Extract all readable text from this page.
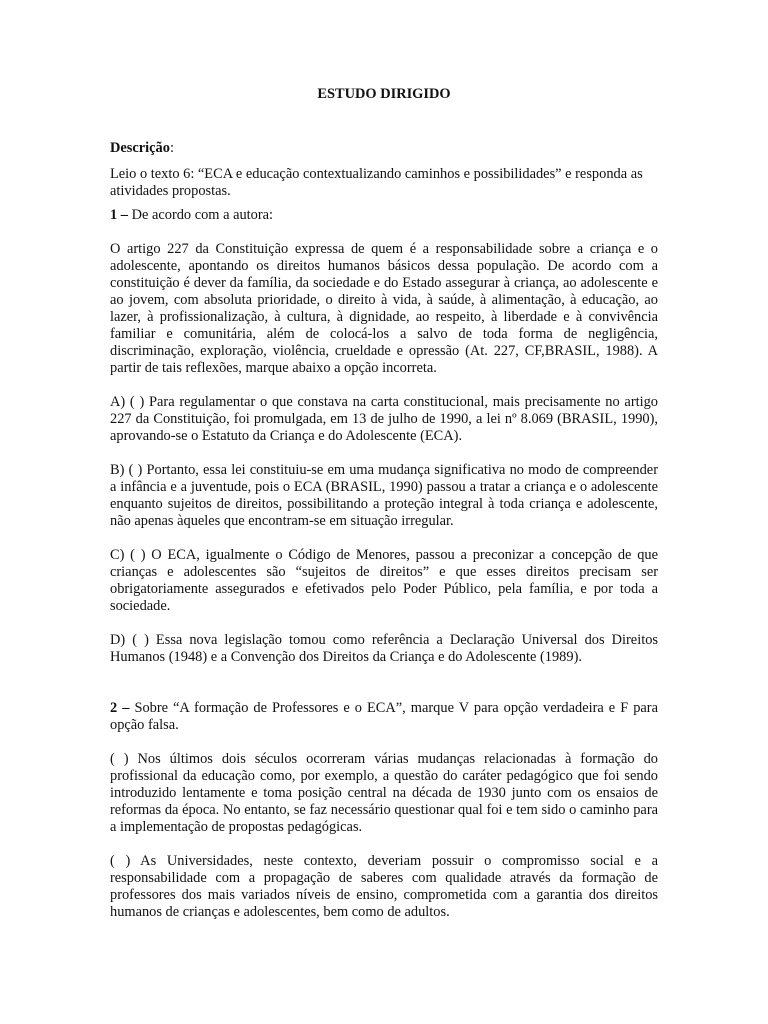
ESTUDO DIRIGIDO

Descrição:

Leio o texto 6: “ECA e educação contextualizando caminhos e possibilidades” e responda as atividades propostas.

1 – De acordo com a autora:

O artigo 227 da Constituição expressa de quem é a responsabilidade sobre a criança e o adolescente, apontando os direitos humanos básicos dessa população. De acordo com a constituição é dever da família, da sociedade e do Estado assegurar à criança, ao adolescente e ao jovem, com absoluta prioridade, o direito à vida, à saúde, à alimentação, à educação, ao lazer, à profissionalização, à cultura, à dignidade, ao respeito, à liberdade e à convivência familiar e comunitária, além de colocá-los a salvo de toda forma de negligência, discriminação, exploração, violência, crueldade e opressão (At. 227, CF,BRASIL, 1988). A partir de tais reflexões, marque abaixo a opção incorreta.

A) ( ) Para regulamentar o que constava na carta constitucional, mais precisamente no artigo 227 da Constituição, foi promulgada, em 13 de julho de 1990, a lei nº 8.069 (BRASIL, 1990), aprovando-se o Estatuto da Criança e do Adolescente (ECA).

B) ( ) Portanto, essa lei constituiu-se em uma mudança significativa no modo de compreender a infância e a juventude, pois o ECA (BRASIL, 1990) passou a tratar a criança e o adolescente enquanto sujeitos de direitos, possibilitando a proteção integral à toda criança e adolescente, não apenas àqueles que encontram-se em situação irregular.

C) ( ) O ECA, igualmente o Código de Menores, passou a preconizar a concepção de que crianças e adolescentes são “sujeitos de direitos” e que esses direitos precisam ser obrigatoriamente assegurados e efetivados pelo Poder Público, pela família, e por toda a sociedade.

D) ( ) Essa nova legislação tomou como referência a Declaração Universal dos Direitos Humanos (1948) e a Convenção dos Direitos da Criança e do Adolescente (1989).

2 – Sobre “A formação de Professores e o ECA”, marque V para opção verdadeira e F para opção falsa.

( ) Nos últimos dois séculos ocorreram várias mudanças relacionadas à formação do profissional da educação como, por exemplo, a questão do caráter pedagógico que foi sendo introduzido lentamente e toma posição central na década de 1930 junto com os ensaios de reformas da época. No entanto, se faz necessário questionar qual foi e tem sido o caminho para a implementação de propostas pedagógicas.

( ) As Universidades, neste contexto, deveriam possuir o compromisso social e a responsabilidade com a propagação de saberes com qualidade através da formação de professores dos mais variados níveis de ensino, comprometida com a garantia dos direitos humanos de crianças e adolescentes, bem como de adultos.
